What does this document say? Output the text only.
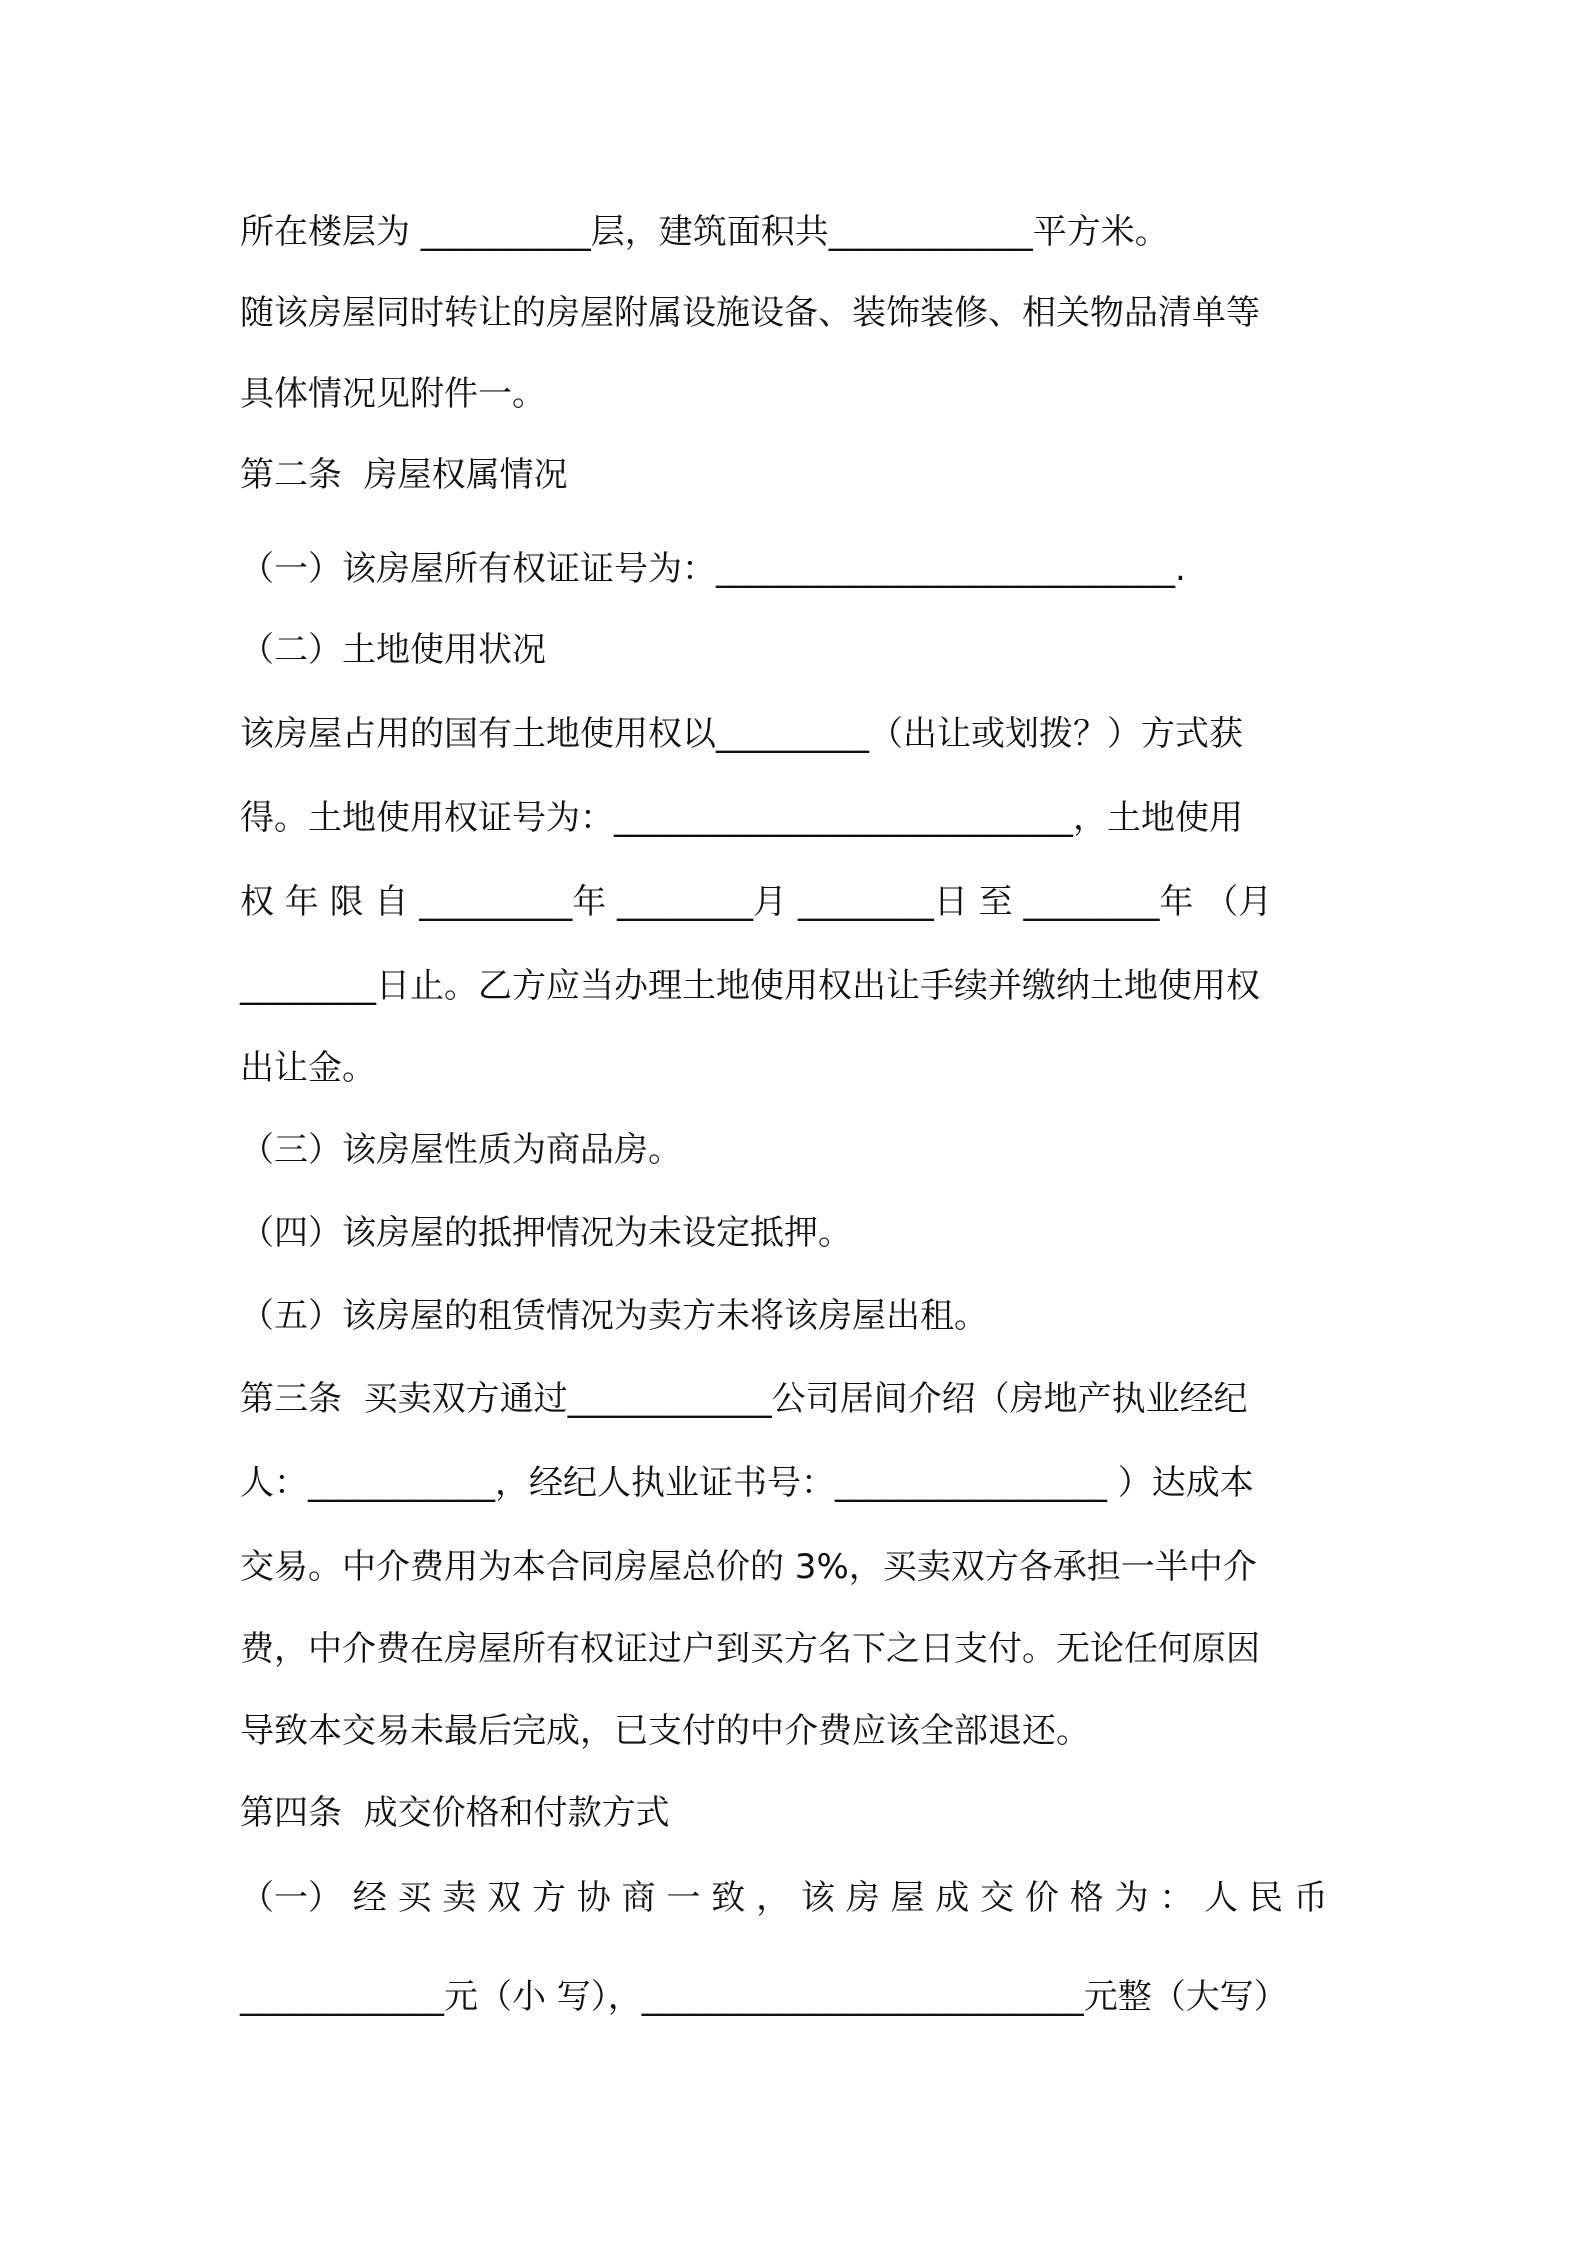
所在楼层为 __________层，建筑面积共____________平方米。
随该房屋同时转让的房屋附属设施设备、装饰装修、相关物品清单等
具体情况见附件一。
第二条  房屋权属情况
（一）该房屋所有权证证号为：___________________________.
（二）土地使用状况
该房屋占用的国有土地使用权以_________（出让或划拨？）方式获
得。土地使用权证号为：___________________________，土地使用
权 年 限 自 _________年 ________月 ________日 至 ________年 （月
________日止。乙方应当办理土地使用权出让手续并缴纳土地使用权
出让金。
（三）该房屋性质为商品房。
（四）该房屋的抵押情况为未设定抵押。
（五）该房屋的租赁情况为卖方未将该房屋出租。
第三条  买卖双方通过____________公司居间介绍（房地产执业经纪
人：___________，经纪人执业证书号：________________ ）达成本
交易。中介费用为本合同房屋总价的 3%，买卖双方各承担一半中介
费，中介费在房屋所有权证过户到买方名下之日支付。无论任何原因
导致本交易未最后完成，已支付的中介费应该全部退还。
第四条  成交价格和付款方式
（一） 经 买 卖 双 方 协 商 一 致 ， 该 房 屋 成 交 价 格 为 ： 人 民 币
____________元（小 写），__________________________元整（大写）
